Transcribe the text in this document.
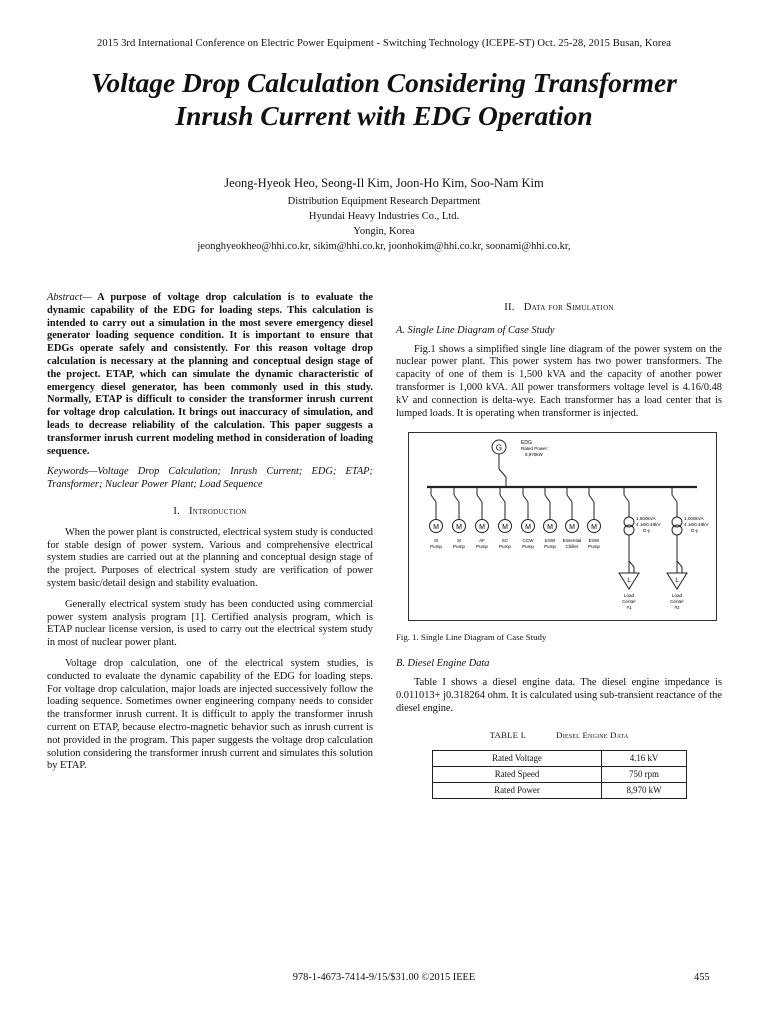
2015 3rd International Conference on Electric Power Equipment - Switching Technology (ICEPE-ST) Oct. 25-28, 2015 Busan, Korea
Voltage Drop Calculation Considering Transformer
Inrush Current with EDG Operation
Jeong-Hyeok Heo, Seong-Il Kim, Joon-Ho Kim, Soo-Nam Kim
Distribution Equipment Research Department
Hyundai Heavy Industries Co., Ltd.
Yongin, Korea
jeonghyeokheo@hhi.co.kr, sikim@hhi.co.kr, joonhokim@hhi.co.kr, soonami@hhi.co.kr,

Abstract— A purpose of voltage drop calculation is to evaluate the dynamic capability of the EDG for loading steps. This calculation is intended to carry out a simulation in the most severe emergency diesel generator loading sequence condition. It is important to ensure that EDGs operate safely and consistently. For this reason voltage drop calculation is necessary at the planning and conceptual design stage of the project. ETAP, which can simulate the dynamic characteristic of emergency diesel generator, has been commonly used in this study. Normally, ETAP is difficult to consider the transformer inrush current for voltage drop calculation. It brings out inaccuracy of simulation, and leads to decrease reliability of the calculation. This paper suggests a transformer inrush current modeling method in consideration of loading sequence.

Keywords—Voltage Drop Calculation; Inrush Current; EDG; ETAP; Transformer; Nuclear Power Plant; Load Sequence

I. Introduction

When the power plant is constructed, electrical system study is conducted for stable design of power system. Various and comprehensive electrical system studies are carried out at the planning and conceptual design stage of the project. Purposes of electrical system study are verification of power system basic/detail design and stability evaluation.

Generally electrical system study has been conducted using commercial power system analysis program [1]. Certified analysis program, which is ETAP nuclear license version, is used to carry out the electrical system study in most of nuclear power plant.

Voltage drop calculation, one of the electrical system studies, is conducted to evaluate the dynamic capability of the EDG for loading steps. For voltage drop calculation, major loads are injected successively follow the loading sequence. Sometimes owner engineering company needs to consider the transformer inrush current. It is difficult to apply the transformer inrush current on ETAP, because electro-magnetic behavior such as inrush current is not provided in the program. This paper suggests the voltage drop calculation solution considering the transformer inrush current and simulates this solution by ETAP.

II. Data for Simulation
A. Single Line Diagram of Case Study

Fig.1 shows a simplified single line diagram of the power system on the nuclear power plant. This power system has two power transformers. The capacity of one of them is 1,500 kVA and the capacity of another power transformer is 1,000 kVA. All power transformers voltage level is 4.16/0.48 kV and connection is delta-wye. Each transformer has a load center that is lumped loads. It is operating when transformer is injected.

G
EDG
Rated Power :
8,970kW
M
SI
Pump
M
SI
Pump
M
AF
Pump
M
SC
Pump
M
CCW
Pump
M
ESW
Pump
M
Essential
Chiller
M
ESW
Pump
1,500kVA
4.16/0.48kV
D-y
L
Load
Center
#1
1,000kVA
4.16/0.48kV
D-y
L
Load
Center
#2
Fig. 1. Single Line Diagram of Case Study
B. Diesel Engine Data

Table I shows a diesel engine data. The diesel engine impedance is 0.011013+ j0.318264 ohm. It is calculated using sub-transient reactance of the diesel engine.

TABLE I.	Diesel Engine Data
Rated Voltage	4.16 kV
Rated Speed	750 rpm
Rated Power	8,970 kW
978-1-4673-7414-9/15/$31.00 ©2015 IEEE	455
